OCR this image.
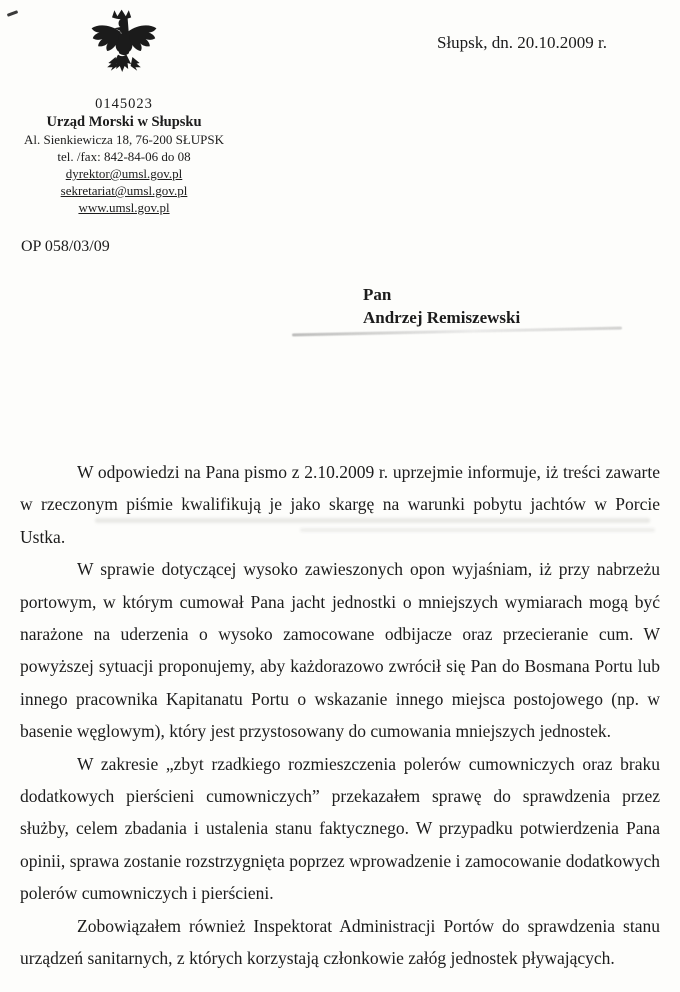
0145023
Urząd Morski w Słupsku
Al. Sienkiewicza 18, 76-200 SŁUPSK
tel. /fax: 842-84-06 do 08
dyrektor@umsl.gov.pl
sekretariat@umsl.gov.pl
www.umsl.gov.pl
Słupsk, dn. 20.10.2009 r.
OP 058/03/09
Pan
Andrzej Remiszewski

W odpowiedzi na Pana pismo z 2.10.2009 r. uprzejmie informuje, iż treści zawarte w rzeczonym piśmie kwalifikują je jako skargę na warunki pobytu jachtów w Porcie Ustka.

W sprawie dotyczącej wysoko zawieszonych opon wyjaśniam, iż przy nabrzeżu portowym, w którym cumował Pana jacht jednostki o mniejszych wymiarach mogą być narażone na uderzenia o wysoko zamocowane odbijacze oraz przecieranie cum. W powyższej sytuacji proponujemy, aby każdorazowo zwrócił się Pan do Bosmana Portu lub innego pracownika Kapitanatu Portu o wskazanie innego miejsca postojowego (np. w basenie węglowym), który jest przystosowany do cumowania mniejszych jednostek.

W zakresie „zbyt rzadkiego rozmieszczenia polerów cumowniczych oraz braku dodatkowych pierścieni cumowniczych” przekazałem sprawę do sprawdzenia przez służby, celem zbadania i ustalenia stanu faktycznego. W przypadku potwierdzenia Pana opinii, sprawa zostanie rozstrzygnięta poprzez wprowadzenie i zamocowanie dodatkowych polerów cumowniczych i pierścieni.

Zobowiązałem również Inspektorat Administracji Portów do sprawdzenia stanu urządzeń sanitarnych, z których korzystają członkowie załóg jednostek pływających.
